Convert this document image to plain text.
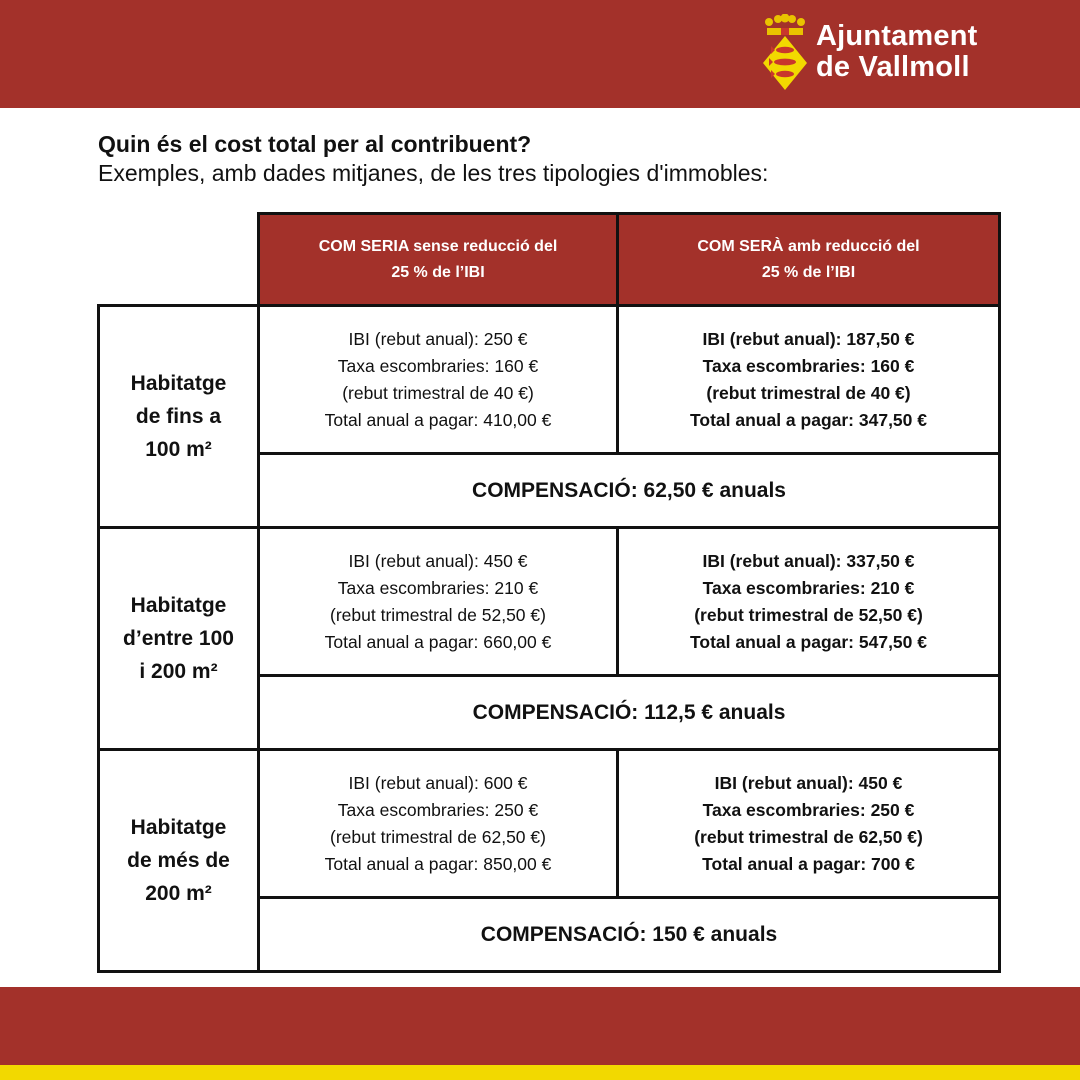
Ajuntament
de Vallmoll
Quin és el cost total per al contribuent?
Exemples, amb dades mitjanes, de les tres tipologies d'immobles:
COM SERIA sense reducció del
25 % de l’IBI
COM SERÀ amb reducció del
25 % de l’IBI
Habitatge
de fins a
100 m²
IBI (rebut anual): 250 €
Taxa escombraries: 160 €
(rebut trimestral de 40 €)
Total anual a pagar: 410,00 €
IBI (rebut anual): 187,50 €
Taxa escombraries: 160 €
(rebut trimestral de 40 €)
Total anual a pagar: 347,50 €
COMPENSACIÓ: 62,50 € anuals
Habitatge
d’entre 100
i 200 m²
IBI (rebut anual): 450 €
Taxa escombraries: 210 €
(rebut trimestral de 52,50 €)
Total anual a pagar: 660,00 €
IBI (rebut anual): 337,50 €
Taxa escombraries: 210 €
(rebut trimestral de 52,50 €)
Total anual a pagar: 547,50 €
COMPENSACIÓ: 112,5 € anuals
Habitatge
de més de
200 m²
IBI (rebut anual): 600 €
Taxa escombraries: 250 €
(rebut trimestral de 62,50 €)
Total anual a pagar: 850,00 €
IBI (rebut anual): 450 €
Taxa escombraries: 250 €
(rebut trimestral de 62,50 €)
Total anual a pagar: 700 €
COMPENSACIÓ: 150 € anuals
